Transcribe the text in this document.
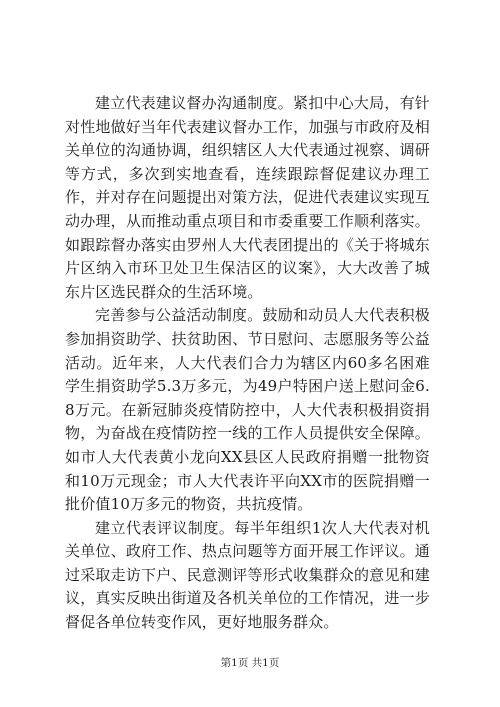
建立代表建议督办沟通制度。紧扣中心大局，有针对性地做好当年代表建议督办工作，加强与市政府及相关单位的沟通协调，组织辖区人大代表通过视察、调研等方式，多次到实地查看，连续跟踪督促建议办理工作，并对存在问题提出对策方法，促进代表建议实现互动办理，从而推动重点项目和市委重要工作顺利落实。如跟踪督办落实由罗州人大代表团提出的《关于将城东片区纳入市环卫处卫生保洁区的议案》，大大改善了城东片区选民群众的生活环境。

完善参与公益活动制度。鼓励和动员人大代表积极参加捐资助学、扶贫助困、节日慰问、志愿服务等公益活动。近年来，人大代表们合力为辖区内60多名困难学生捐资助学5.3万多元，为49户特困户送上慰问金6.8万元。在新冠肺炎疫情防控中，人大代表积极捐资捐物，为奋战在疫情防控一线的工作人员提供安全保障。如市人大代表黄小龙向XX县区人民政府捐赠一批物资和10万元现金；市人大代表许平向XX市的医院捐赠一批价值10万多元的物资，共抗疫情。

建立代表评议制度。每半年组织1次人大代表对机关单位、政府工作、热点问题等方面开展工作评议。通过采取走访下户、民意测评等形式收集群众的意见和建议，真实反映出街道及各机关单位的工作情况，进一步督促各单位转变作风，更好地服务群众。

第1页 共1页
